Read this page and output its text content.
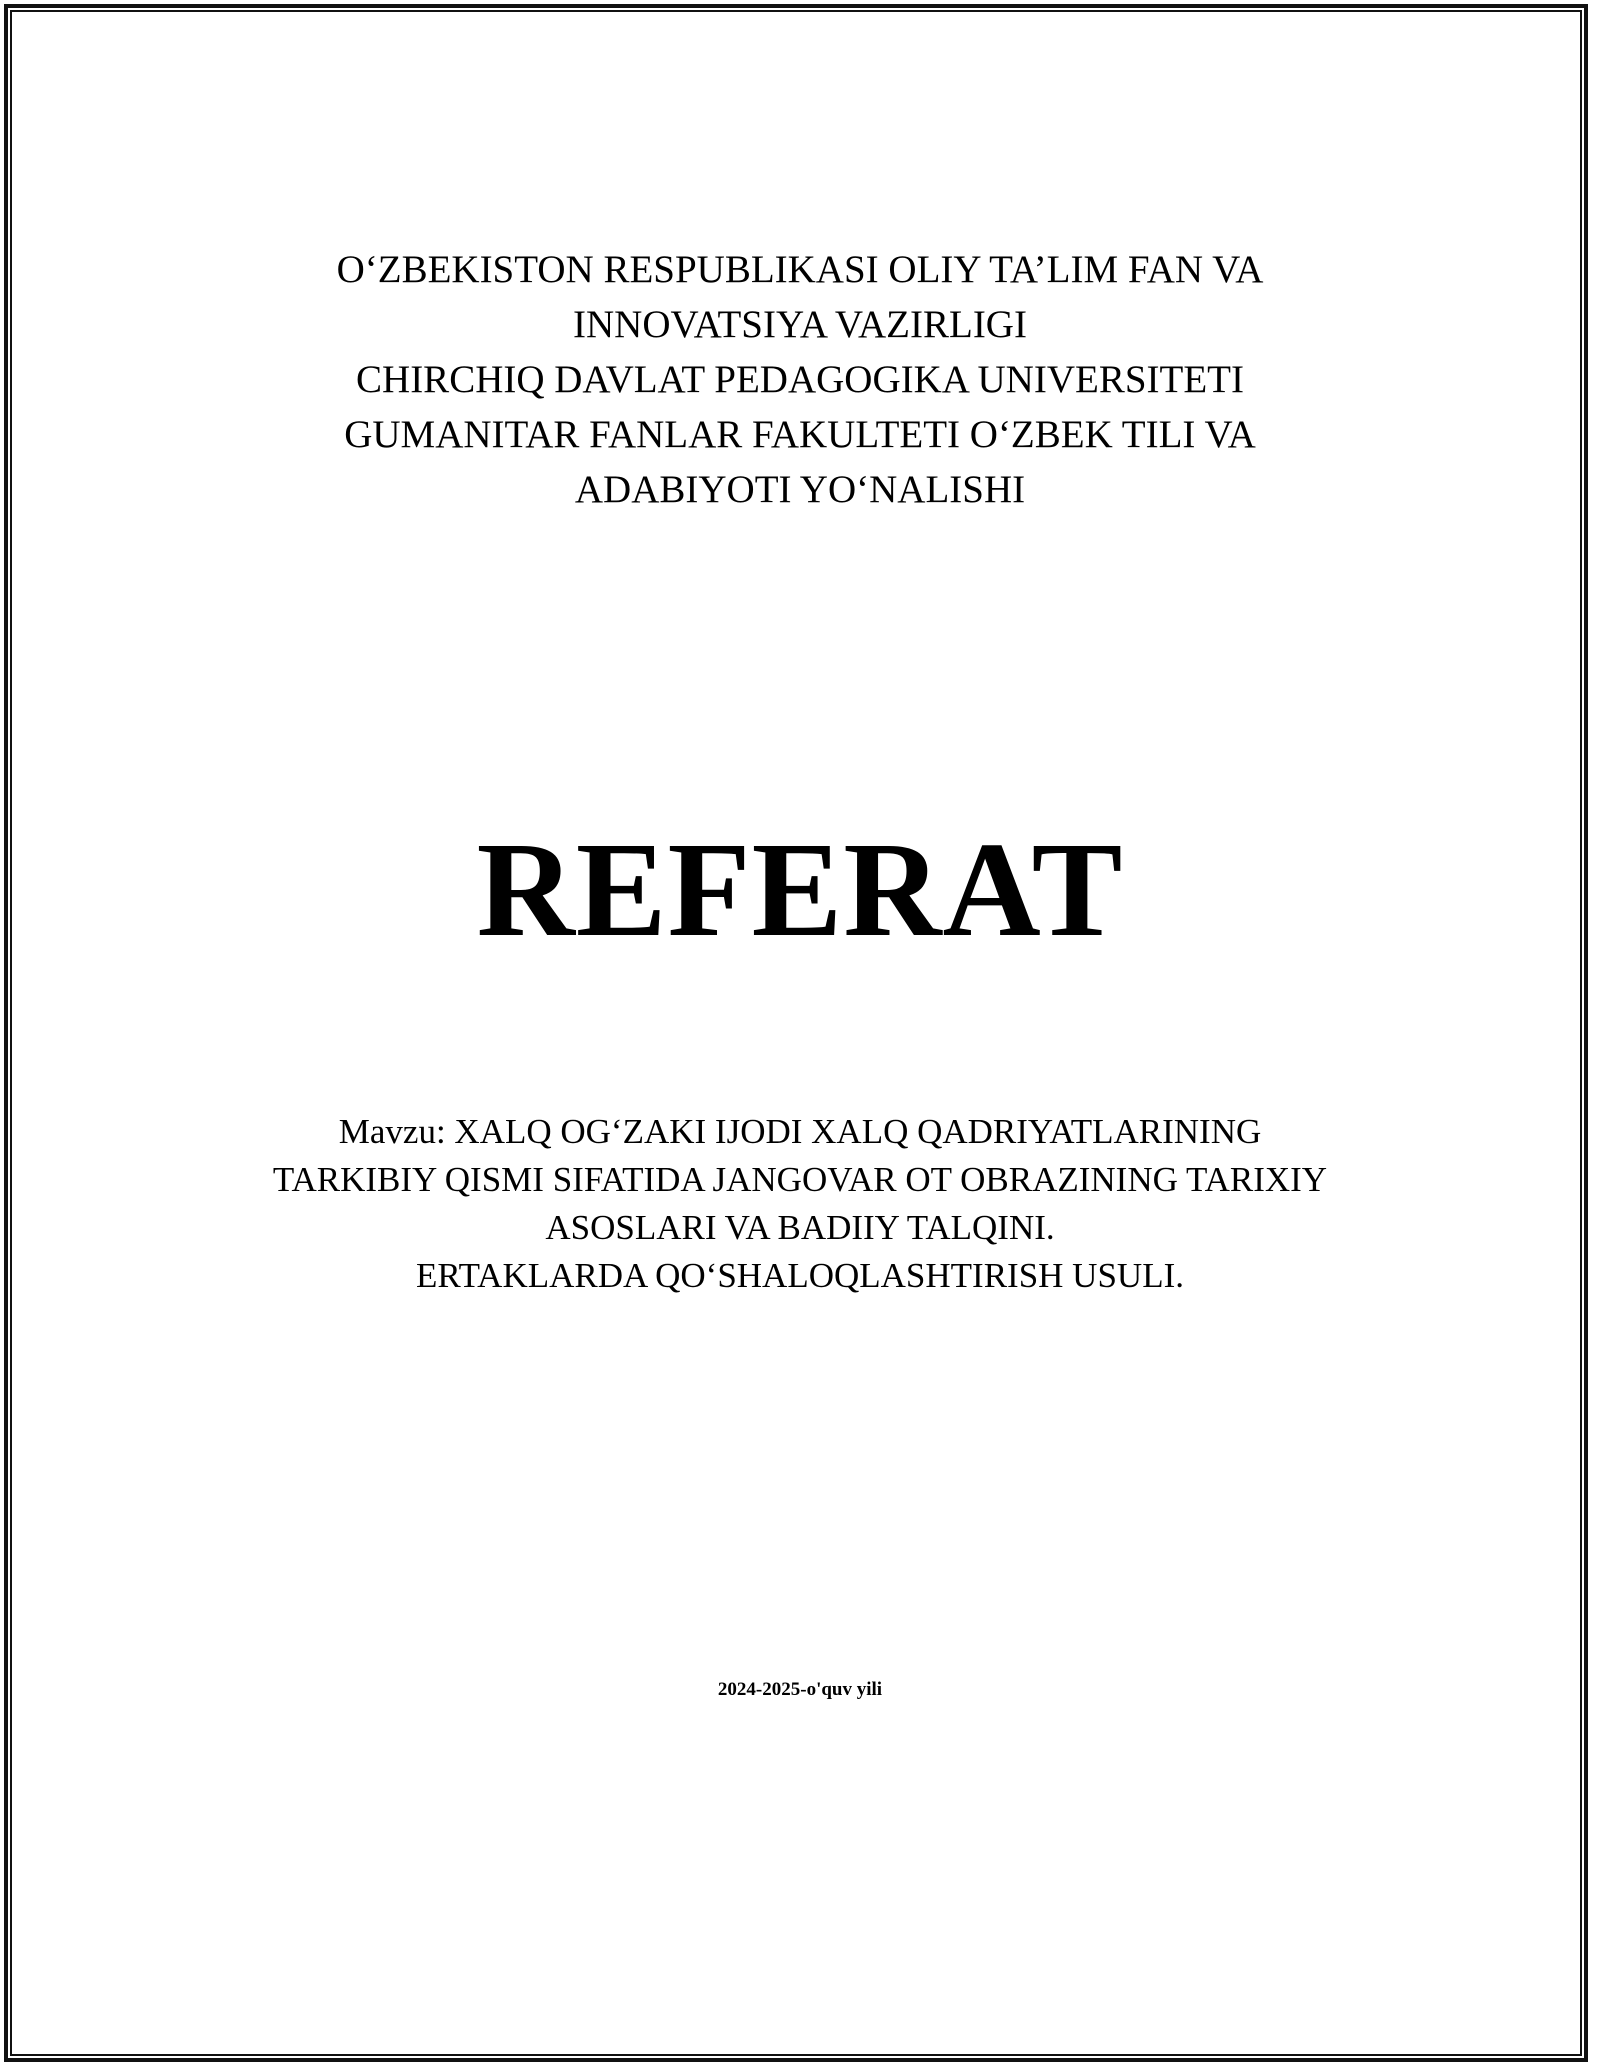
O‘ZBEKISTON RESPUBLIKASI OLIY TA’LIM FAN VA
INNOVATSIYA VAZIRLIGI
CHIRCHIQ DAVLAT PEDAGOGIKA UNIVERSITETI
GUMANITAR FANLAR FAKULTETI O‘ZBEK TILI VA
ADABIYOTI YO‘NALISHI
REFERAT
Mavzu: XALQ OG‘ZAKI IJODI XALQ QADRIYATLARINING
TARKIBIY QISMI SIFATIDA JANGOVAR OT OBRAZINING TARIXIY
ASOSLARI VA BADIIY TALQINI.
ERTAKLARDA QO‘SHALOQLASHTIRISH USULI.
2024-2025-o'quv yili
